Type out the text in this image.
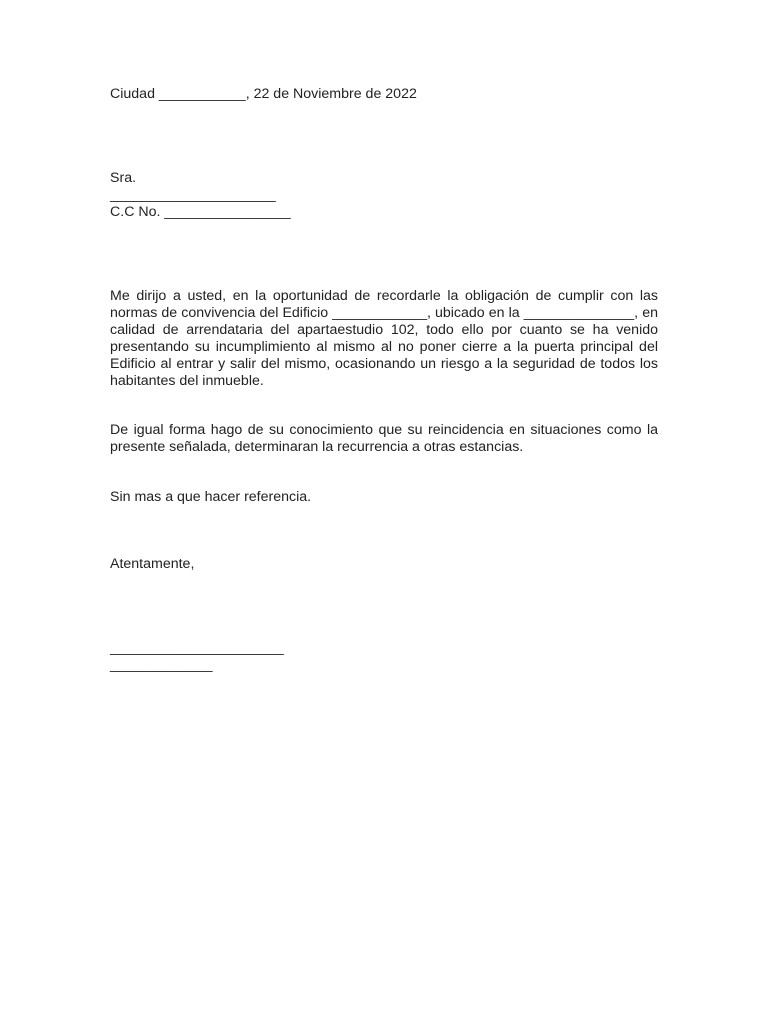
Ciudad ___________, 22 de Noviembre de 2022
Sra.
_____________________
C.C No. ________________
Me dirijo a usted, en la oportunidad de recordarle la obligación de cumplir con las normas de convivencia del Edificio ____________, ubicado en la ______________, en calidad de arrendataria del apartaestudio 102, todo ello por cuanto se ha venido presentando su incumplimiento al mismo al no poner cierre a la puerta principal del Edificio al entrar y salir del mismo, ocasionando un riesgo a la seguridad de todos los habitantes del inmueble.
De igual forma hago de su conocimiento que su reincidencia en situaciones como la presente señalada, determinaran la recurrencia a otras estancias.
Sin mas a que hacer referencia.
Atentamente,
______________________
_____________
